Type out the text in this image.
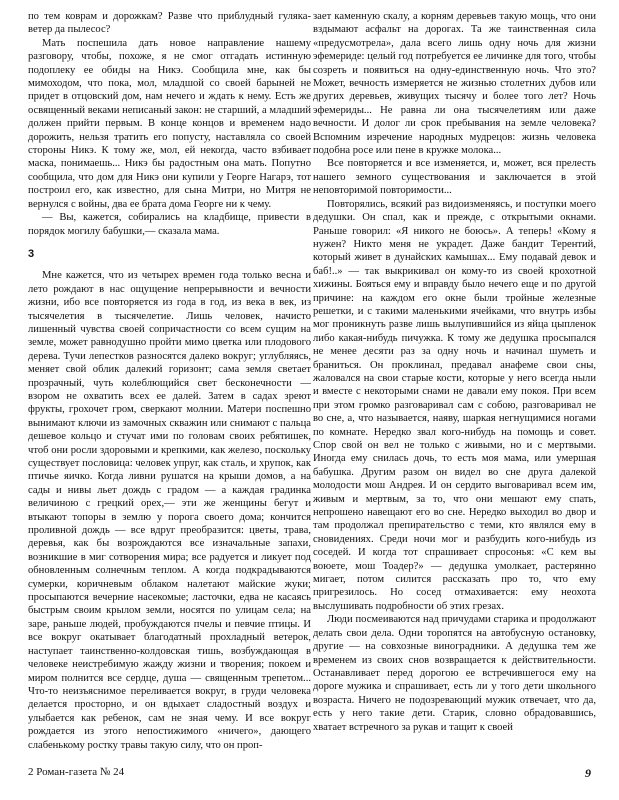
по тем коврам и дорожкам? Разве что приблудный гуляка-ветер да пылесос?

Мать поспешила дать новое направление нашему разговору, чтобы, похоже, я не смог отгадать истинную подоплеку ее обиды на Никэ. Сообщила мне, как бы мимоходом, что пока, мол, младшой со своей барыней не придет в отцовский дом, нам нечего и ждать к нему. Есть же освященный веками неписаный закон: не старший, а младший должен прийти первым. В конце концов и временем надо дорожить, нельзя тратить его попусту, наставляла со своей стороны Никэ. К тому же, мол, ей некогда, часто взбивает маска, понимаешь... Никэ бы радостным она мать. Попутно сообщила, что дом для Никэ они купили у Георге Нагарэ, тот построил его, как известно, для сына Митри, но Митря не вернулся с войны, два ее брата дома Георге ни к чему.

— Вы, кажется, собирались на кладбище, привести в порядок могилу бабушки,— сказала мама.

3

Мне кажется, что из четырех времен года только весна и лето рождают в нас ощущение непрерывности и вечности жизни, ибо все повторяется из года в год, из века в век, из тысячелетия в тысячелетие. Лишь человек, начисто лишенный чувства своей сопричастности со всем сущим на земле, может равнодушно пройти мимо цветка или плодового дерева. Тучи лепестков разносятся далеко вокруг; углубляясь, меняет свой облик далекий горизонт; сама земля светает прозрачный, чуть колеблющийся свет бесконечности — взором не охватить всех ее далей. Затем в садах зреют фрукты, грохочет гром, сверкают молнии. Матери поспешно вынимают ключи из замочных скважин или снимают с пальца дешевое кольцо и стучат ими по головам своих ребятишек, чтоб они росли здоровыми и крепкими, как железо, поскольку существует пословица: человек упруг, как сталь, и хрупок, как птичье яичко. Когда ливни рушатся на крыши домов, а на сады и нивы льет дождь с градом — а каждая градинка величиною с грецкий орех,— эти же женщины бегут и втыкают топоры в землю у порога своего дома; кончится проливной дождь — все вдруг преобразится: цветы, трава, деревья, как бы возрождаются все изначальные запахи, возникшие в миг сотворения мира; все радуется и ликует под обновленным солнечным теплом. А когда подкрадываются сумерки, коричневым облаком налетают майские жуки; просыпаются вечерние насекомые; ласточки, едва не касаясь быстрым своим крылом земли, носятся по улицам села; на заре, раньше людей, пробуждаются пчелы и певчие птицы. И все вокруг окатывает благодатный прохладный ветерок, наступает таинственно-колдовская тишь, возбуждающая в человеке неистребимую жажду жизни и творения; покоем и миром полнится все сердце, душа — священным трепетом... Что-то неизъяснимое переливается вокруг, в груди человека делается просторно, и он вдыхает сладостный воздух и улыбается как ребенок, сам не зная чему. И все вокруг рождается из этого непостижимого «ничего», дающего слабенькому ростку травы такую силу, что он проп-

зает каменную скалу, а корням деревьев такую мощь, что они вздымают асфальт на дорогах. Та же таинственная сила «предусмотрела», дала всего лишь одну ночь для жизни эфемериде: целый год потребуется ее личинке для того, чтобы созреть и появиться на одну-единственную ночь. Что это? Может, вечность измеряется не жизнью столетних дубов или других деревьев, живущих тысячу и более того лет? Ночь эфемериды... Не равна ли она тысячелетиям или даже вечности. И долог ли срок пребывания на земле человека? Вспомним изречение народных мудрецов: жизнь человека подобна росе или пене в кружке молока...

Все повторяется и все изменяется, и, может, вся прелесть нашего земного существования и заключается в этой неповторимой повторимости...

Повторялись, всякий раз видоизменяясь, и поступки моего дедушки. Он спал, как и прежде, с открытыми окнами. Раньше говорил: «Я никого не боюсь». А теперь! «Кому я нужен? Никто меня не украдет. Даже бандит Терентий, который живет в дунайских камышах... Ему подавай девок и баб!..» — так выкрикивал он кому-то из своей крохотной хижины. Бояться ему и вправду было нечего еще и по другой причине: на каждом его окне были тройные железные решетки, и с такими маленькими ячейками, что внутрь избы мог проникнуть разве лишь вылупившийся из яйца цыпленок либо какая-нибудь пичужка. К тому же дедушка просыпался не менее десяти раз за одну ночь и начинал шуметь и браниться. Он проклинал, предавал анафеме свои сны, жаловался на свои старые кости, которые у него всегда ныли и вместе с некоторыми снами не давали ему покоя. При всем при этом громко разговаривал сам с собою, разговаривал не во сне, а, что называется, наяву, шаркая негнущимися ногами по комнате. Нередко звал кого-нибудь на помощь и совет. Спор свой он вел не только с живыми, но и с мертвыми. Иногда ему снилась дочь, то есть моя мама, или умершая бабушка. Другим разом он видел во сне друга далекой молодости мош Андрея. И он сердито выговаривал всем им, живым и мертвым, за то, что они мешают ему спать, непрошено навещают его во сне. Нередко выходил во двор и там продолжал препирательство с теми, кто являлся ему в сновидениях. Среди ночи мог и разбудить кого-нибудь из соседей. И когда тот спрашивает спросонья: «С кем вы воюете, мош Тоадер?» — дедушка умолкает, растерянно мигает, потом силится рассказать про то, что ему пригрезилось. Но сосед отмахивается: ему неохота выслушивать подробности об этих грезах.

Люди посмеиваются над причудами старика и продолжают делать свои дела. Одни торопятся на автобусную остановку, другие — на совхозные виноградники. А дедушка тем же временем из своих снов возвращается к действительности. Останавливает перед дорогою ее встречившегося ему на дороге мужика и спрашивает, есть ли у того дети школьного возраста. Ничего не подозревающий мужик отвечает, что да, есть у него такие дети. Старик, словно обрадовавшись, хватает встречного за рукав и тащит к своей

2 Роман-газета № 24	9
